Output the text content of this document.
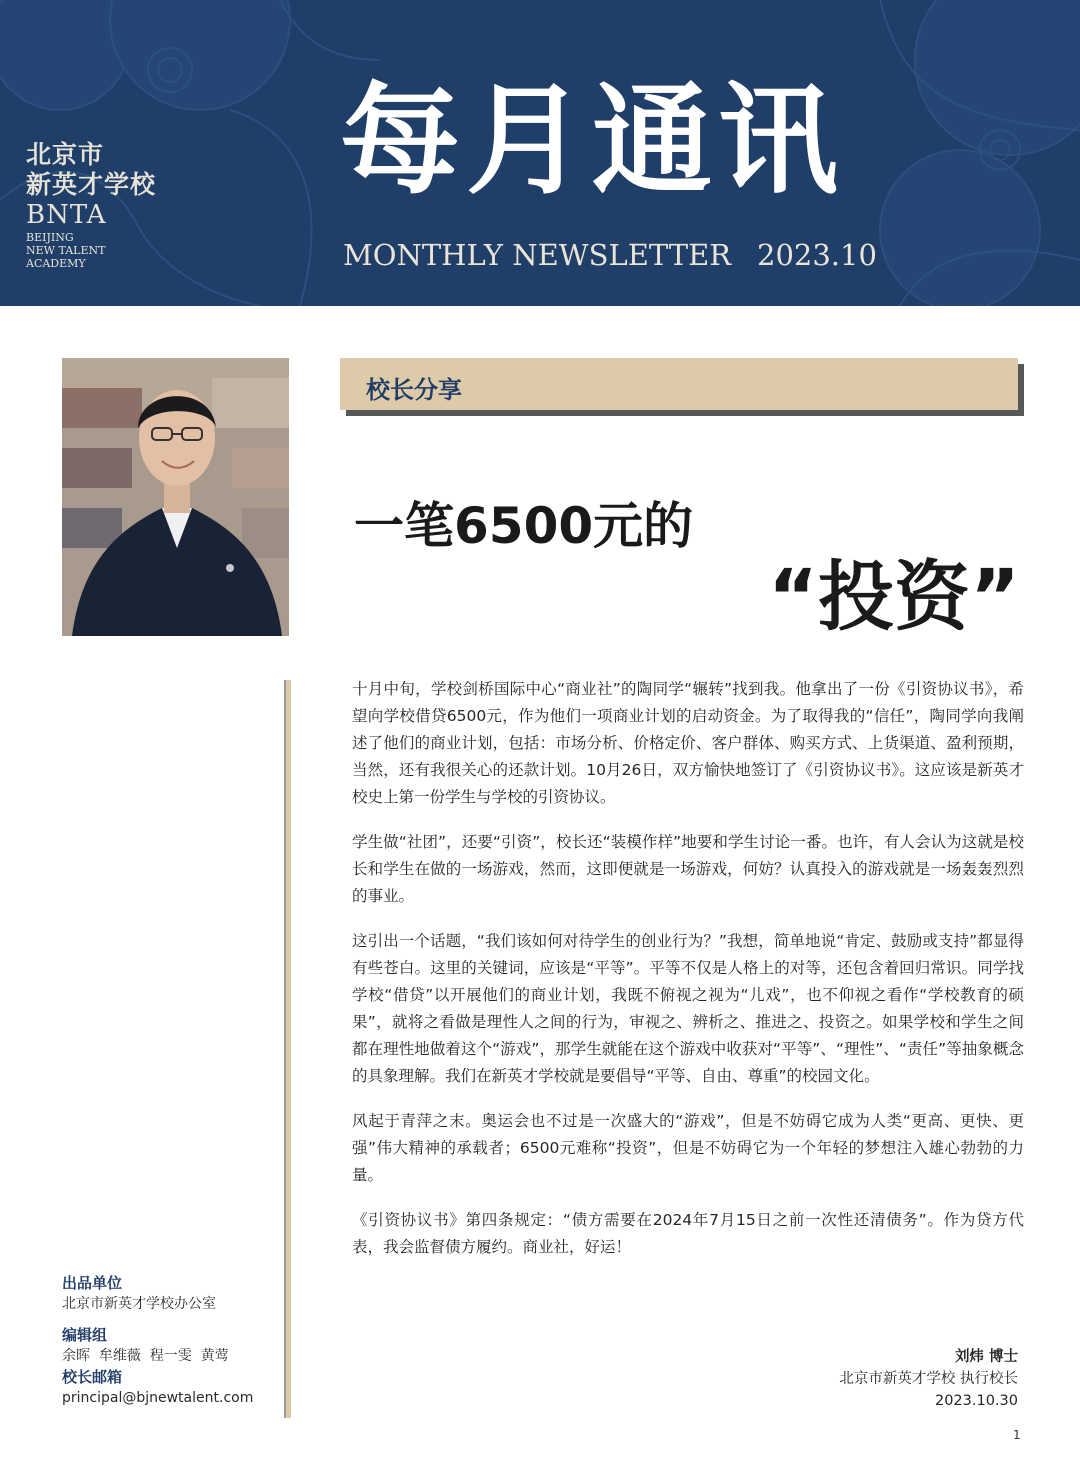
北京市
新英才学校
BNTA
BEIJING
NEW TALENT
ACADEMY
每月通讯
MONTHLY NEWSLETTER 2023.10
校长分享
一笔6500元的
“投资”

十月中旬，学校剑桥国际中心“商业社”的陶同学“辗转”找到我。他拿出了一份《引资协议书》，希望向学校借贷6500元，作为他们一项商业计划的启动资金。为了取得我的“信任”，陶同学向我阐述了他们的商业计划，包括：市场分析、价格定价、客户群体、购买方式、上货渠道、盈利预期，当然，还有我很关心的还款计划。10月26日，双方愉快地签订了《引资协议书》。这应该是新英才校史上第一份学生与学校的引资协议。

学生做“社团”，还要“引资”，校长还“装模作样”地要和学生讨论一番。也许，有人会认为这就是校长和学生在做的一场游戏，然而，这即便就是一场游戏，何妨？认真投入的游戏就是一场轰轰烈烈的事业。

这引出一个话题，“我们该如何对待学生的创业行为？”我想，简单地说“肯定、鼓励或支持”都显得有些苍白。这里的关键词，应该是“平等”。平等不仅是人格上的对等，还包含着回归常识。同学找学校“借贷”以开展他们的商业计划，我既不俯视之视为“儿戏”，也不仰视之看作“学校教育的硕果”，就将之看做是理性人之间的行为，审视之、辨析之、推进之、投资之。如果学校和学生之间都在理性地做着这个“游戏”，那学生就能在这个游戏中收获对“平等”、“理性”、“责任”等抽象概念的具象理解。我们在新英才学校就是要倡导“平等、自由、尊重”的校园文化。

风起于青萍之末。奥运会也不过是一次盛大的“游戏”，但是不妨碍它成为人类“更高、更快、更强”伟大精神的承载者；6500元难称“投资”，但是不妨碍它为一个年轻的梦想注入雄心勃勃的力量。

《引资协议书》第四条规定：“债方需要在2024年7月15日之前一次性还清债务”。作为贷方代表，我会监督债方履约。商业社，好运！

出品单位
北京市新英才学校办公室
编辑组
余晖  牟维薇  程一雯  黄莺
校长邮箱
principal@bjnewtalent.com
刘炜 博士
北京市新英才学校 执行校长
2023.10.30
1
